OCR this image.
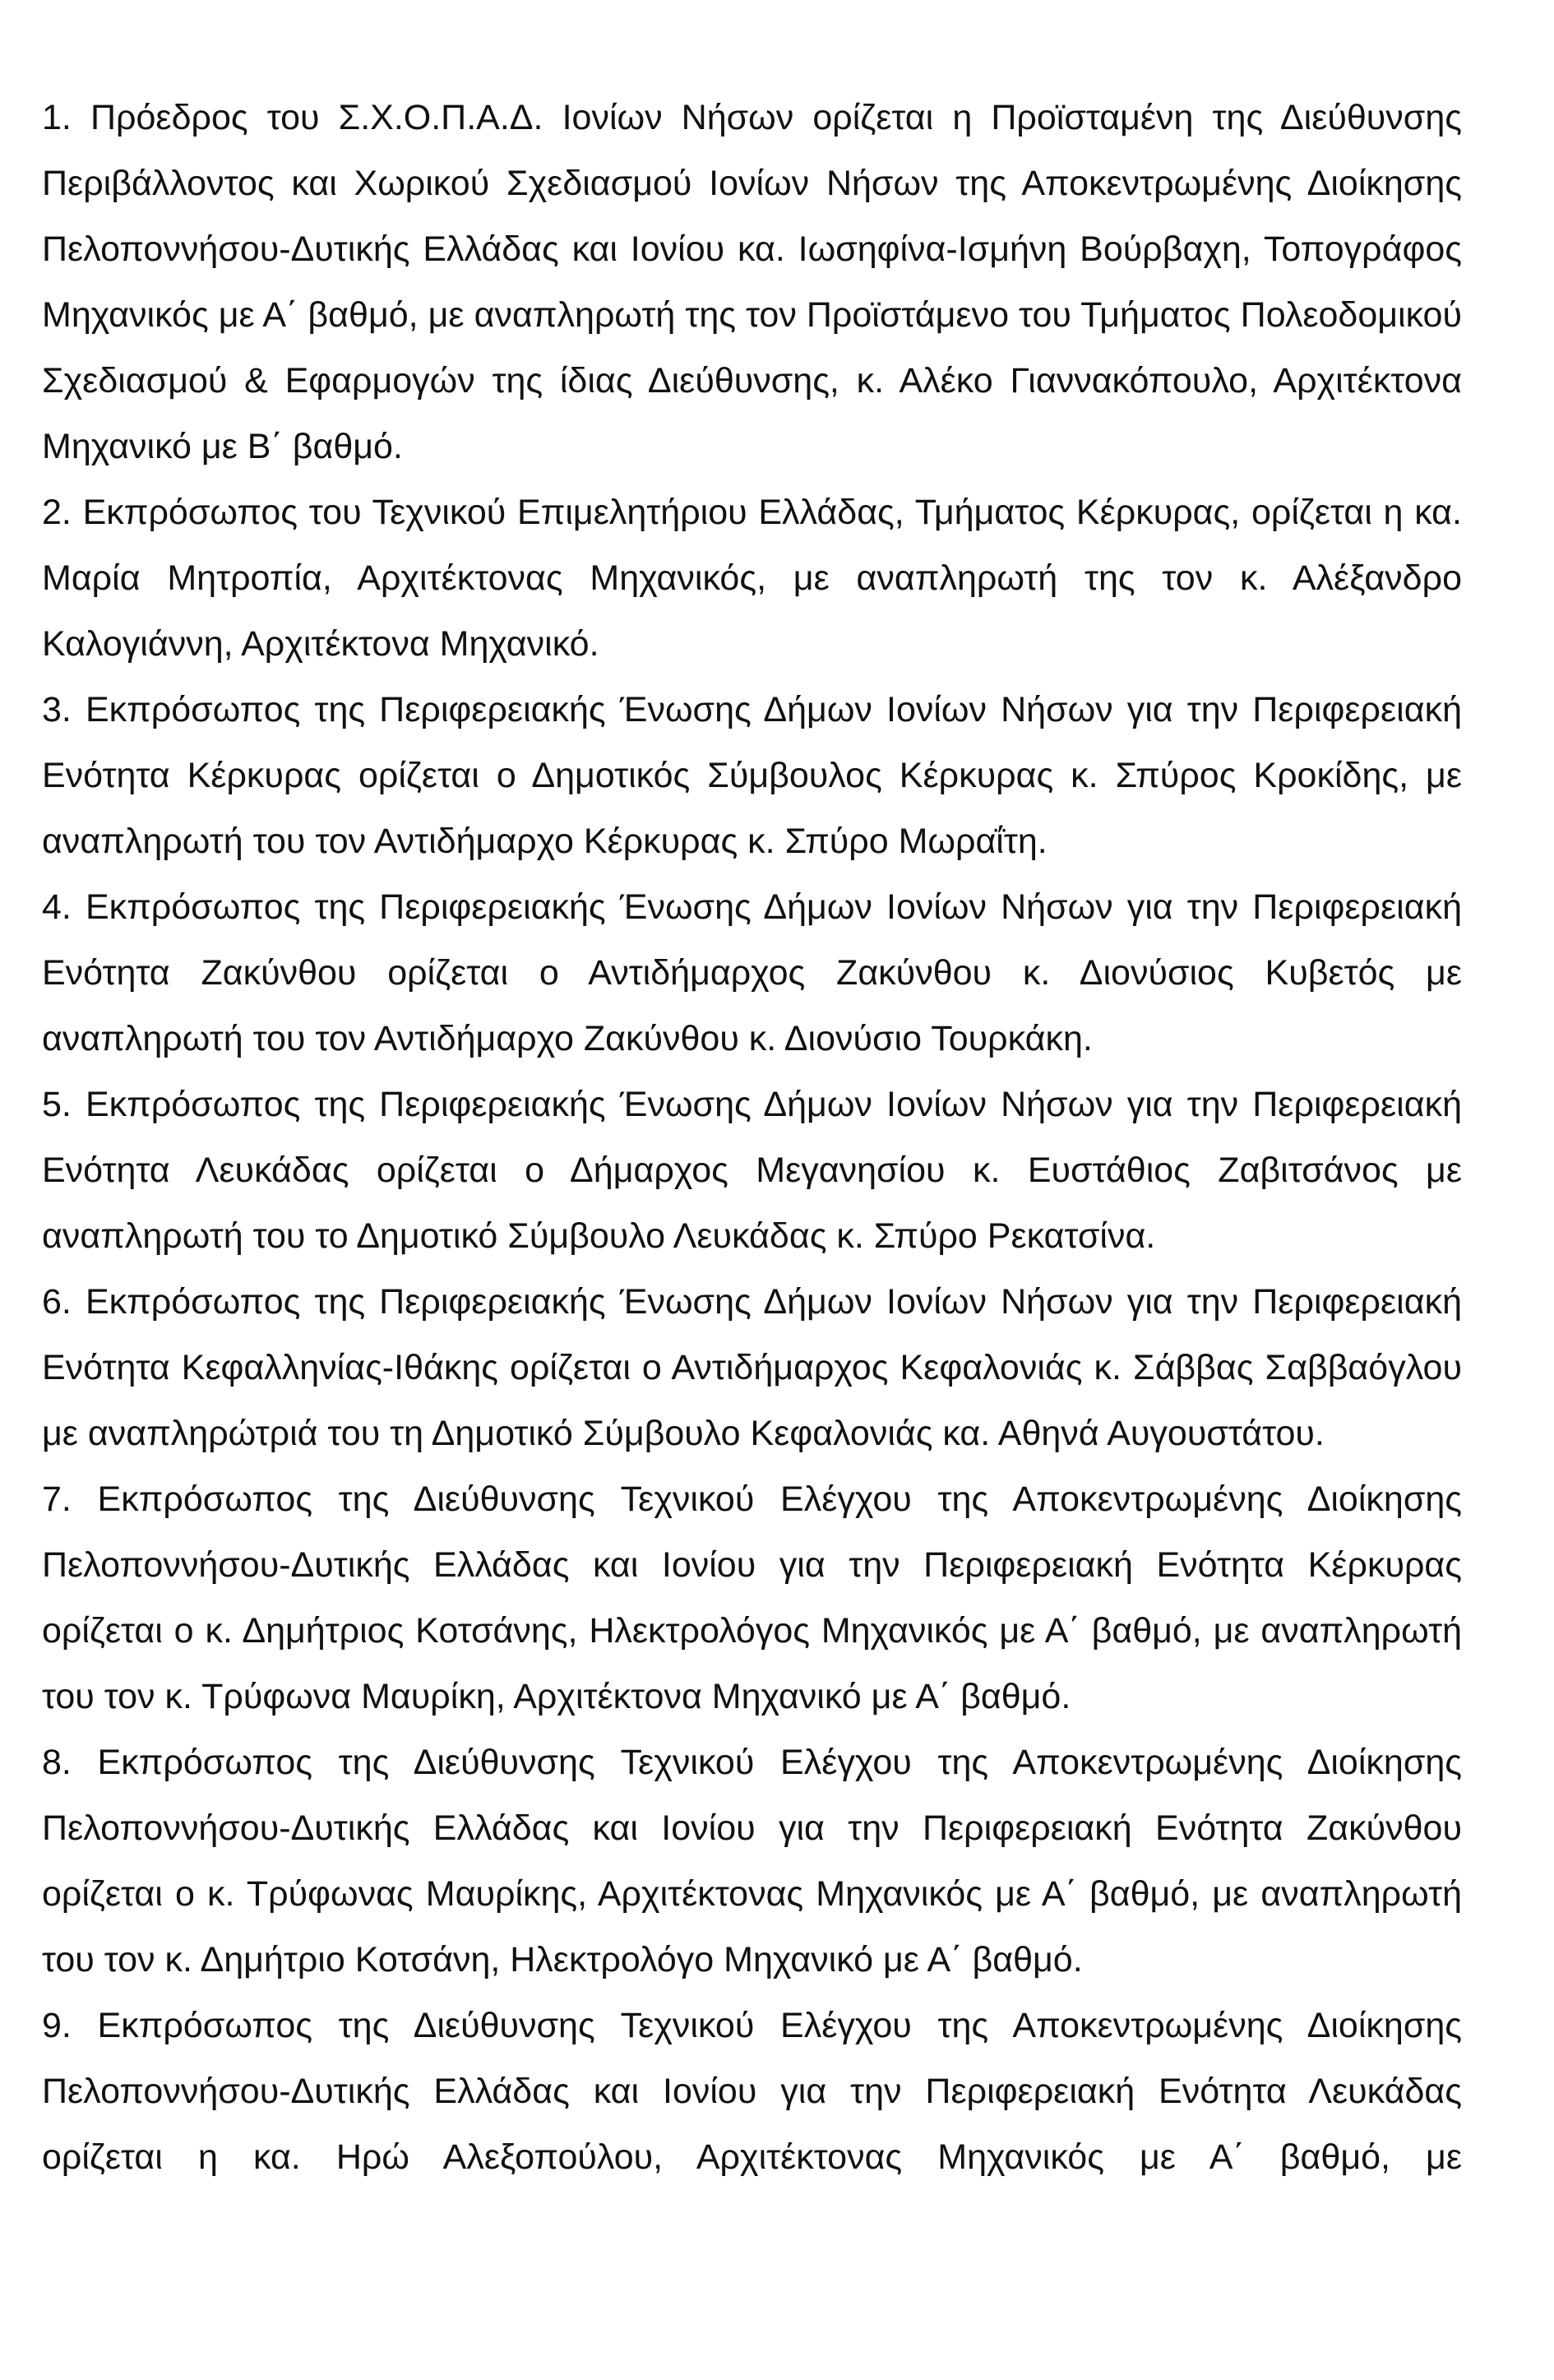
1. Πρόεδρος του Σ.Χ.Ο.Π.Α.Δ. Ιονίων Νήσων ορίζεται η Προϊσταμένη της Διεύθυνσης Περιβάλλοντος και Χωρικού Σχεδιασμού Ιονίων Νήσων της Αποκεντρωμένης Διοίκησης Πελοποννήσου-Δυτικής Ελλάδας και Ιονίου κα. Ιωσηφίνα-Ισμήνη Βούρβαχη, Τοπογράφος Μηχανικός με Α΄ βαθμό, με αναπληρωτή της τον Προϊστάμενο του Τμήματος Πολεοδομικού Σχεδιασμού & Εφαρμογών της ίδιας Διεύθυνσης, κ. Αλέκο Γιαννακόπουλο, Αρχιτέκτονα Μηχανικό με Β΄ βαθμό.

2. Εκπρόσωπος του Τεχνικού Επιμελητήριου Ελλάδας, Τμήματος Κέρκυρας, ορίζεται η κα. Μαρία Μητροπία, Αρχιτέκτονας Μηχανικός, με αναπληρωτή της τον κ. Αλέξανδρο Καλογιάννη, Αρχιτέκτονα Μηχανικό.

3. Εκπρόσωπος της Περιφερειακής Ένωσης Δήμων Ιονίων Νήσων για την Περιφερειακή Ενότητα Κέρκυρας ορίζεται ο Δημοτικός Σύμβουλος Κέρκυρας κ. Σπύρος Κροκίδης, με αναπληρωτή του τον Αντιδήμαρχο Κέρκυρας κ. Σπύρο Μωραΐτη.

4. Εκπρόσωπος της Περιφερειακής Ένωσης Δήμων Ιονίων Νήσων για την Περιφερειακή Ενότητα Ζακύνθου ορίζεται ο Αντιδήμαρχος Ζακύνθου κ. Διονύσιος Κυβετός με αναπληρωτή του τον Αντιδήμαρχο Ζακύνθου κ. Διονύσιο Τουρκάκη.

5. Εκπρόσωπος της Περιφερειακής Ένωσης Δήμων Ιονίων Νήσων για την Περιφερειακή Ενότητα Λευκάδας ορίζεται ο Δήμαρχος Μεγανησίου κ. Ευστάθιος Ζαβιτσάνος με αναπληρωτή του το Δημοτικό Σύμβουλο Λευκάδας κ. Σπύρο Ρεκατσίνα.

6. Εκπρόσωπος της Περιφερειακής Ένωσης Δήμων Ιονίων Νήσων για την Περιφερειακή Ενότητα Κεφαλληνίας-Ιθάκης ορίζεται ο Αντιδήμαρχος Κεφαλονιάς κ. Σάββας Σαββαόγλου με αναπληρώτριά του τη Δημοτικό Σύμβουλο Κεφαλονιάς κα. Αθηνά Αυγουστάτου.

7. Εκπρόσωπος της Διεύθυνσης Τεχνικού Ελέγχου της Αποκεντρωμένης Διοίκησης Πελοποννήσου-Δυτικής Ελλάδας και Ιονίου για την Περιφερειακή Ενότητα Κέρκυρας ορίζεται ο κ. Δημήτριος Κοτσάνης, Ηλεκτρολόγος Μηχανικός με Α΄ βαθμό, με αναπληρωτή του τον κ. Τρύφωνα Μαυρίκη, Αρχιτέκτονα Μηχανικό με Α΄ βαθμό.

8. Εκπρόσωπος της Διεύθυνσης Τεχνικού Ελέγχου της Αποκεντρωμένης Διοίκησης Πελοποννήσου-Δυτικής Ελλάδας και Ιονίου για την Περιφερειακή Ενότητα Ζακύνθου ορίζεται ο κ. Τρύφωνας Μαυρίκης, Αρχιτέκτονας Μηχανικός με Α΄ βαθμό, με αναπληρωτή του τον κ. Δημήτριο Κοτσάνη, Ηλεκτρολόγο Μηχανικό με Α΄ βαθμό.

9. Εκπρόσωπος της Διεύθυνσης Τεχνικού Ελέγχου της Αποκεντρωμένης Διοίκησης Πελοποννήσου-Δυτικής Ελλάδας και Ιονίου για την Περιφερειακή Ενότητα Λευκάδας ορίζεται η κα. Ηρώ Αλεξοπούλου, Αρχιτέκτονας Μηχανικός με Α΄ βαθμό, με
